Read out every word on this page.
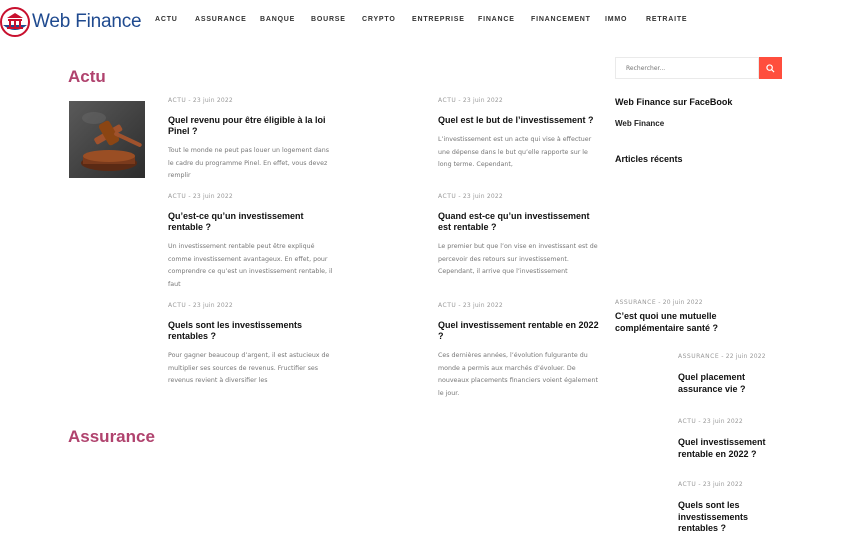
Web Finance ACTU ASSURANCE BANQUE BOURSE CRYPTO ENTREPRISE FINANCE FINANCEMENT IMMO	RETRAITE
Actu
ACTU - 23 juin 2022
Quel revenu pour être éligible à la loi Pinel ?
Tout le monde ne peut pas louer un logement dans le cadre du programme Pinel. En effet, vous devez remplir
ACTU - 23 juin 2022
Quel est le but de l’investissement ?
L’investissement est un acte qui vise à effectuer une dépense dans le but qu’elle rapporte sur le long terme. Cependant,
ACTU - 23 juin 2022
Qu’est-ce qu’un investissement rentable ?
Un investissement rentable peut être expliqué comme investissement avantageux. En effet, pour comprendre ce qu’est un investissement rentable, il faut
ACTU - 23 juin 2022
Quand est-ce qu’un investissement est rentable ?
Le premier but que l’on vise en investissant est de percevoir des retours sur investissement. Cependant, il arrive que l’investissement
ACTU - 23 juin 2022
Quels sont les investissements rentables ?
Pour gagner beaucoup d’argent, il est astucieux de multiplier ses sources de revenus. Fructifier ses revenus revient à diversifier les
ACTU - 23 juin 2022
Quel investissement rentable en 2022 ?
Ces dernières années, l’évolution fulgurante du monde a permis aux marchés d’évoluer. De nouveaux placements financiers voient également le jour.
Assurance
Rechercher...
Web Finance sur FaceBook
Web Finance
Articles récents
ASSURANCE - 20 juin 2022
C’est quoi une mutuelle complémentaire santé ?
ASSURANCE - 22 juin 2022
Quel placement assurance vie ?
ACTU - 23 juin 2022
Quel investissement rentable en 2022 ?
ACTU - 23 juin 2022
Quels sont les investissements rentables ?
